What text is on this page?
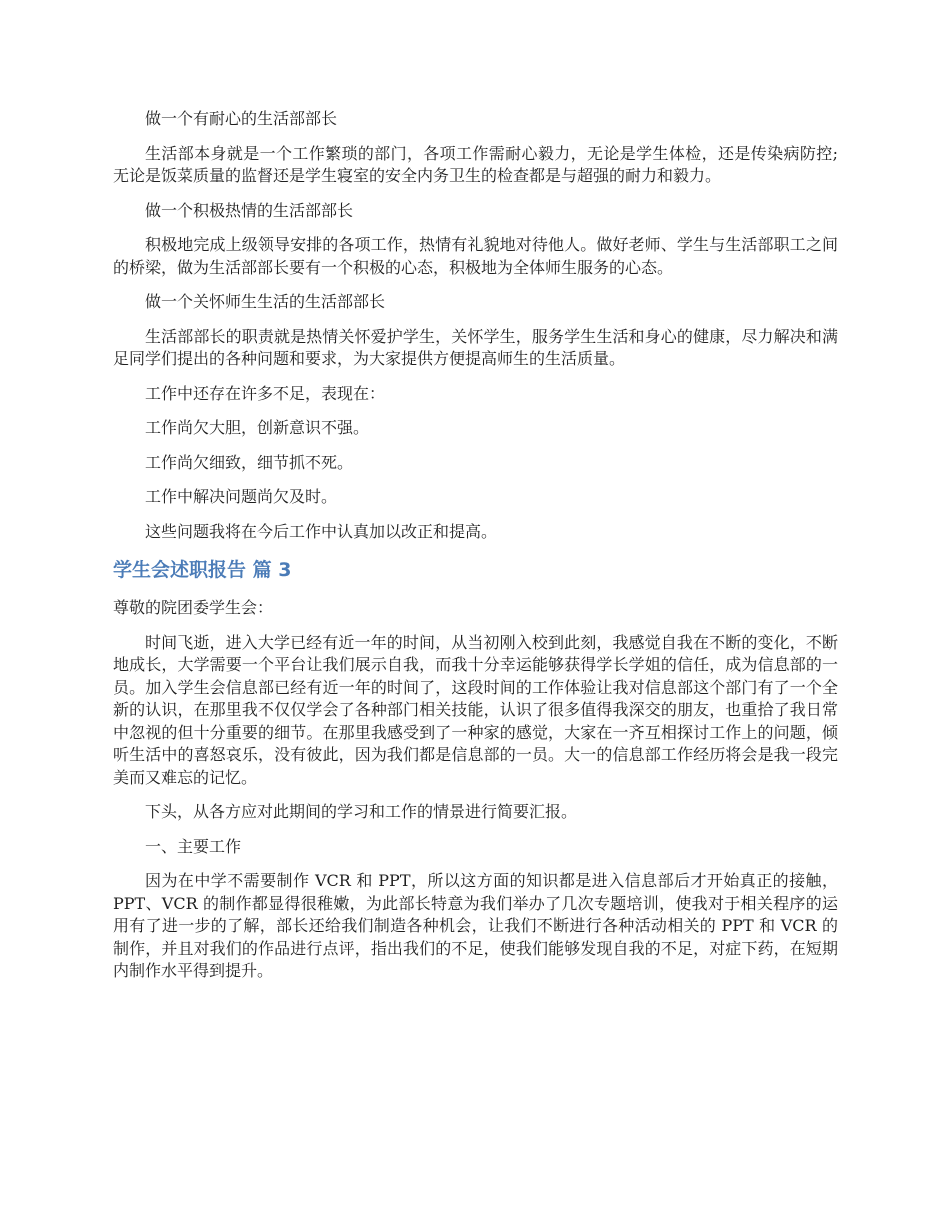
做一个有耐心的生活部部长

生活部本身就是一个工作繁琐的部门，各项工作需耐心毅力，无论是学生体检，还是传染病防控;无论是饭菜质量的监督还是学生寝室的安全内务卫生的检查都是与超强的耐力和毅力。

做一个积极热情的生活部部长

积极地完成上级领导安排的各项工作，热情有礼貌地对待他人。做好老师、学生与生活部职工之间的桥梁，做为生活部部长要有一个积极的心态，积极地为全体师生服务的心态。

做一个关怀师生生活的生活部部长

生活部部长的职责就是热情关怀爱护学生，关怀学生，服务学生生活和身心的健康，尽力解决和满足同学们提出的各种问题和要求，为大家提供方便提高师生的生活质量。

工作中还存在许多不足，表现在：

工作尚欠大胆，创新意识不强。

工作尚欠细致，细节抓不死。

工作中解决问题尚欠及时。

这些问题我将在今后工作中认真加以改正和提高。

学生会述职报告 篇 3

尊敬的院团委学生会：

时间飞逝，进入大学已经有近一年的时间，从当初刚入校到此刻，我感觉自我在不断的变化，不断地成长，大学需要一个平台让我们展示自我，而我十分幸运能够获得学长学姐的信任，成为信息部的一员。加入学生会信息部已经有近一年的时间了，这段时间的工作体验让我对信息部这个部门有了一个全新的认识，在那里我不仅仅学会了各种部门相关技能，认识了很多值得我深交的朋友，也重拾了我日常中忽视的但十分重要的细节。在那里我感受到了一种家的感觉，大家在一齐互相探讨工作上的问题，倾听生活中的喜怒哀乐，没有彼此，因为我们都是信息部的一员。大一的信息部工作经历将会是我一段完美而又难忘的记忆。

下头，从各方应对此期间的学习和工作的情景进行简要汇报。

一、主要工作

因为在中学不需要制作 VCR 和 PPT，所以这方面的知识都是进入信息部后才开始真正的接触，PPT、VCR 的制作都显得很稚嫩，为此部长特意为我们举办了几次专题培训，使我对于相关程序的运用有了进一步的了解，部长还给我们制造各种机会，让我们不断进行各种活动相关的 PPT 和 VCR 的制作，并且对我们的作品进行点评，指出我们的不足，使我们能够发现自我的不足，对症下药，在短期内制作水平得到提升。
